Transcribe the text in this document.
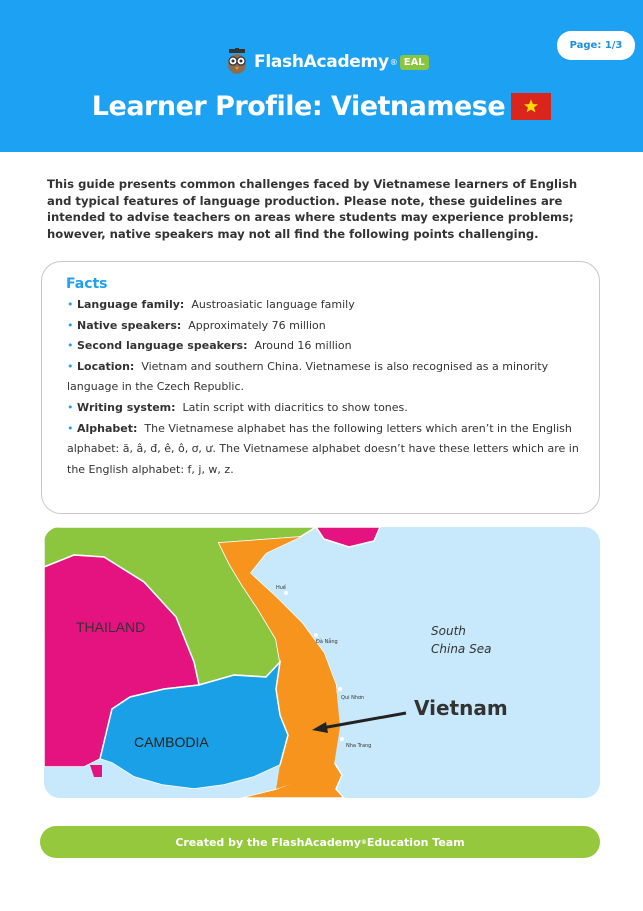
Page: 1/3
FlashAcademy ® EAL
Learner Profile: Vietnamese

This guide presents common challenges faced by Vietnamese learners of English and typical features of language production. Please note, these guidelines are intended to advise teachers on areas where students may experience problems; however, native speakers may not all find the following points challenging.

Facts
• Language family: Austroasiatic language family
• Native speakers: Approximately 76 million
• Second language speakers: Around 16 million
• Location: Vietnam and southern China. Vietnamese is also recognised as a minority language in the Czech Republic.
• Writing system: Latin script with diacritics to show tones.
• Alphabet: The Vietnamese alphabet has the following letters which aren’t in the English alphabet: ă, â, đ, ê, ô, ơ, ư. The Vietnamese alphabet doesn’t have these letters which are in the English alphabet: f, j, w, z.
THAILAND
CAMBODIA
South
China Sea
Vietnam
Huế
Đà Nẵng
Qui Nhơn
Nha Trang
Created by the FlashAcademy ® Education Team
